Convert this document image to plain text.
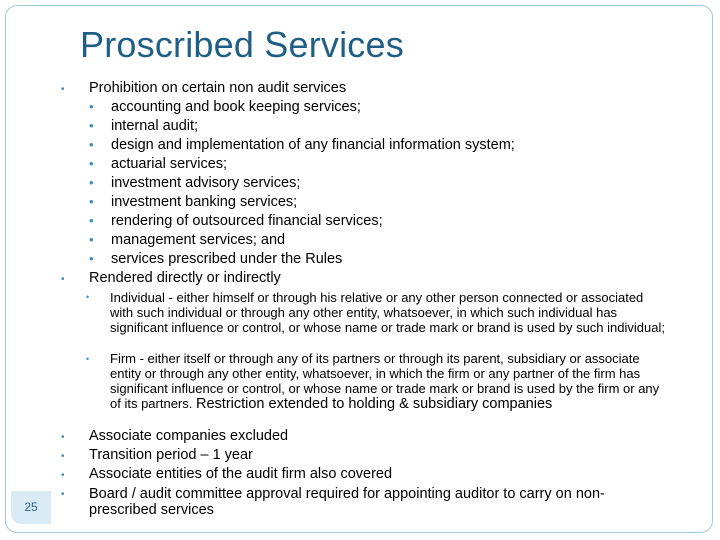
Proscribed Services
• Prohibition on certain non audit services
• accounting and book keeping services;
• internal audit;
• design and implementation of any financial information system;
• actuarial services;
• investment advisory services;
• investment banking services;
• rendering of outsourced financial services;
• management services; and
• services prescribed under the Rules
• Rendered directly or indirectly
• Individual - either himself or through his relative or any other person connected or associated with such individual or through any other entity, whatsoever, in which such individual has significant influence or control, or whose name or trade mark or brand is used by such individual;
• Firm - either itself or through any of its partners or through its parent, subsidiary or associate entity or through any other entity, whatsoever, in which the firm or any partner of the firm has significant influence or control, or whose name or trade mark or brand is used by the firm or any of its partners. Restriction extended to holding & subsidiary companies
• Associate companies excluded
• Transition period – 1 year
• Associate entities of the audit firm also covered
• Board / audit committee approval required for appointing auditor to carry on non-prescribed services
25
